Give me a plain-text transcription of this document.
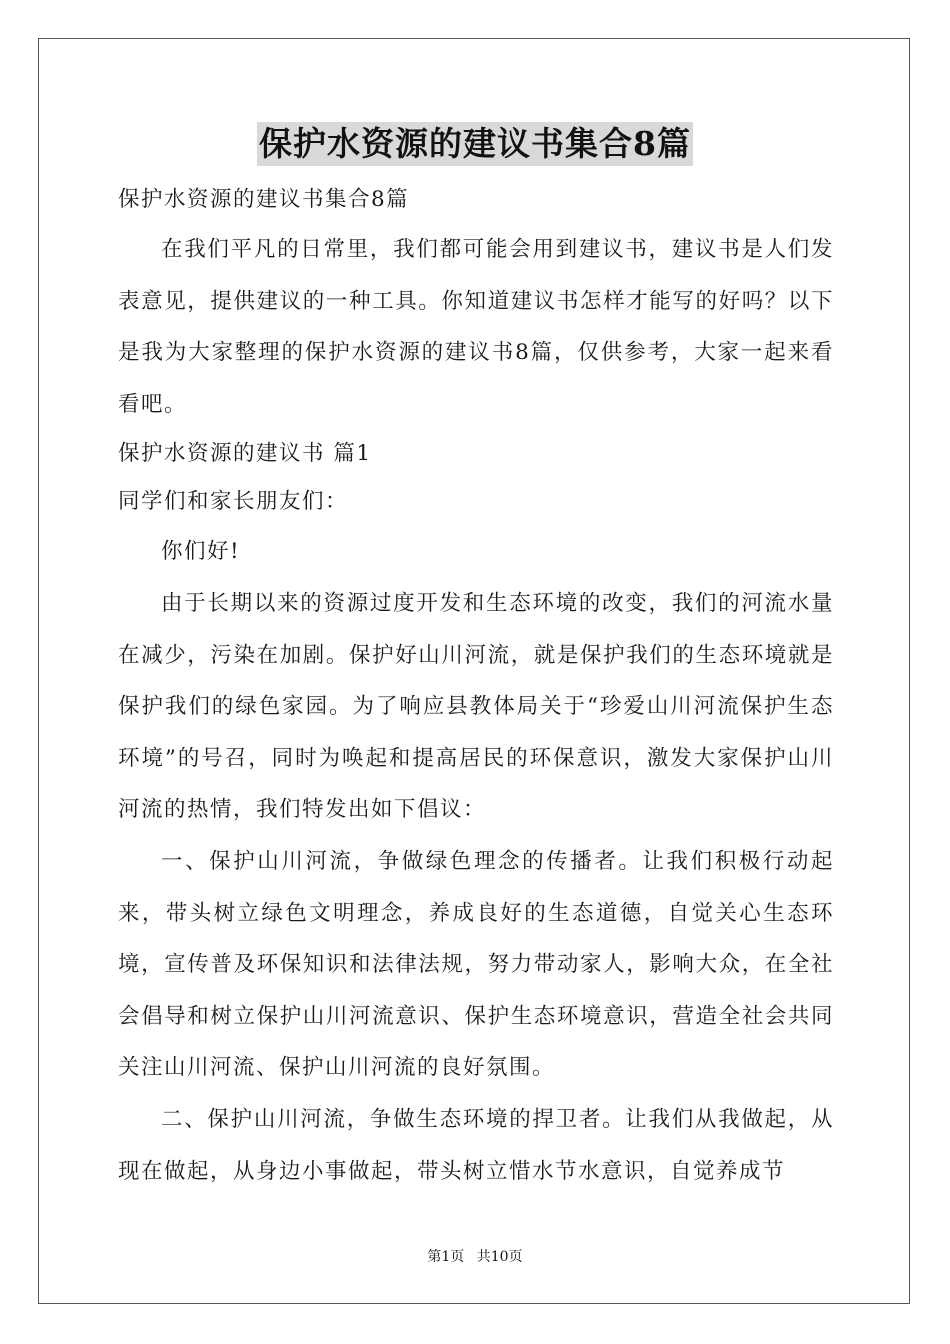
保护水资源的建议书集合8篇
保护水资源的建议书集合8篇

在我们平凡的日常里，我们都可能会用到建议书，建议书是人们发表意见，提供建议的一种工具。你知道建议书怎样才能写的好吗？以下是我为大家整理的保护水资源的建议书8篇，仅供参考，大家一起来看看吧。

保护水资源的建议书 篇1
同学们和家长朋友们：

你们好!

由于长期以来的资源过度开发和生态环境的改变，我们的河流水量在减少，污染在加剧。保护好山川河流，就是保护我们的生态环境就是保护我们的绿色家园。为了响应县教体局关于“珍爱山川河流保护生态环境”的号召，同时为唤起和提高居民的环保意识，激发大家保护山川河流的热情，我们特发出如下倡议：

一、保护山川河流，争做绿色理念的传播者。让我们积极行动起来，带头树立绿色文明理念，养成良好的生态道德，自觉关心生态环境，宣传普及环保知识和法律法规，努力带动家人，影响大众，在全社会倡导和树立保护山川河流意识、保护生态环境意识，营造全社会共同关注山川河流、保护山川河流的良好氛围。

二、保护山川河流，争做生态环境的捍卫者。让我们从我做起，从现在做起，从身边小事做起，带头树立惜水节水意识，自觉养成节

第1页 共10页
